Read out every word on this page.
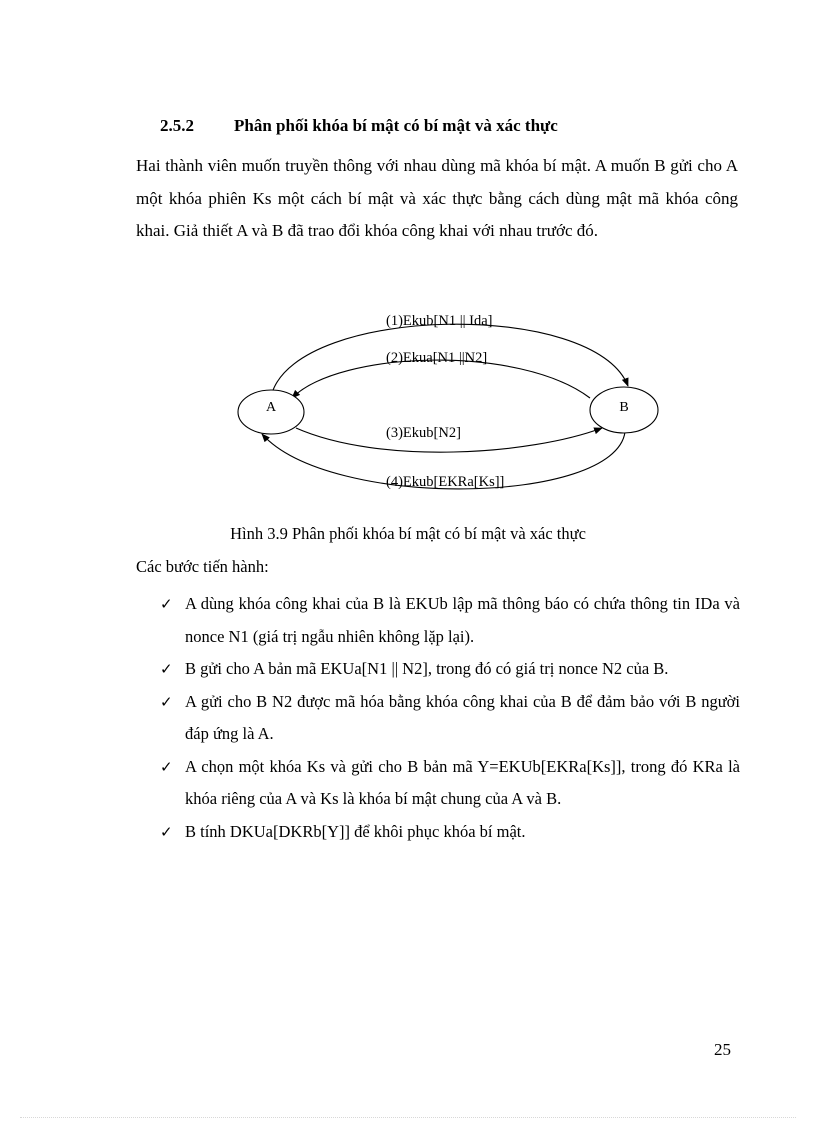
2.5.2 Phân phối khóa bí mật có bí mật và xác thực

Hai thành viên muốn truyền thông với nhau dùng mã khóa bí mật. A muốn B gửi cho A một khóa phiên Ks một cách bí mật và xác thực bằng cách dùng mật mã khóa công khai. Giả thiết A và B đã trao đổi khóa công khai với nhau trước đó.

A	B
(1)Ekub[N1 || Ida]
(2)Ekua[N1 ||N2]
(3)Ekub[N2]
(4)Ekub[EKRa[Ks]]
Hình 3.9 Phân phối khóa bí mật có bí mật và xác thực
Các bước tiến hành:
✓ A dùng khóa công khai của B là EKUb lập mã thông báo có chứa thông tin IDa và nonce N1 (giá trị ngẫu nhiên không lặp lại).
✓ B gửi cho A bản mã EKUa[N1 || N2], trong đó có giá trị nonce N2 của B.
✓ A gửi cho B N2 được mã hóa bằng khóa công khai của B để đảm bảo với B người đáp ứng là A.
✓ A chọn một khóa Ks và gửi cho B bản mã Y=EKUb[EKRa[Ks]], trong đó KRa là khóa riêng của A và Ks là khóa bí mật chung của A và B.
✓ B tính DKUa[DKRb[Y]] để khôi phục khóa bí mật.
25
